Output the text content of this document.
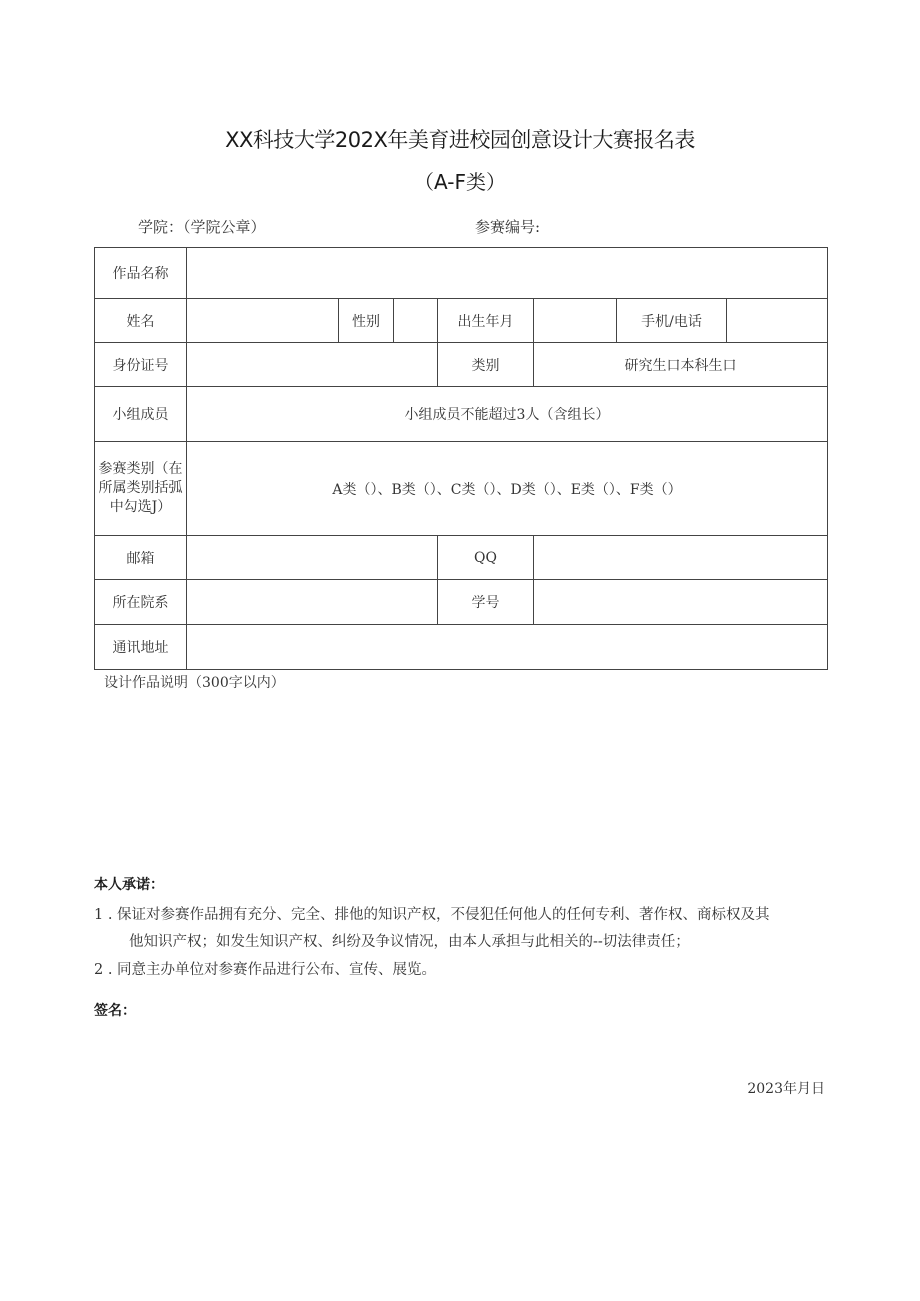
XX科技大学202X年美育进校园创意设计大赛报名表
（A-F类）
学院：（学院公章）	参赛编号:
作品名称							
姓名		性别		出生年月		手机/电话	
身份证号				类别	研究生口本科生口		
小组成员	小组成员不能超过3人（含组长）						
参赛类别（在所属类别括弧中勾选J）	A类（）、B类（）、C类（）、D类（）、E类（）、F类（）						
邮箱				QQ			
所在院系				学号			
通讯地址							
设计作品说明（300字以内）
本人承诺：
1 . 保证对参赛作品拥有充分、完全、排他的知识产权，不侵犯任何他人的任何专利、著作权、商标权及其
他知识产权；如发生知识产权、纠纷及争议情况，由本人承担与此相关的--切法律责任；
2 . 同意主办单位对参赛作品进行公布、宣传、展览。
签名：
2023年月日
